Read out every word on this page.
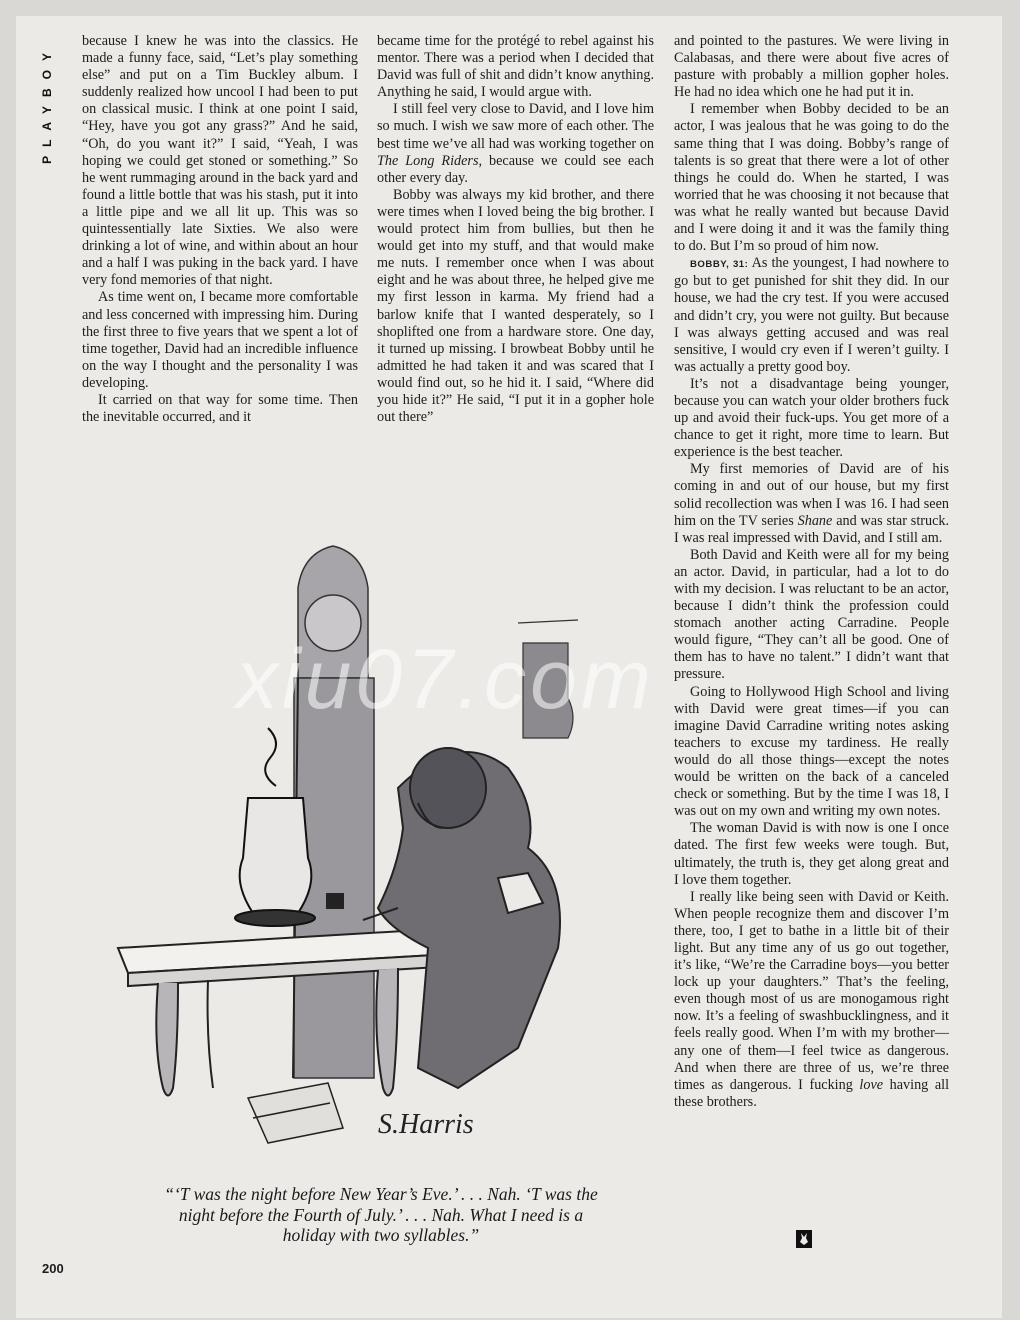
PLAYBOY

because I knew he was into the classics. He made a funny face, said, “Let’s play something else” and put on a Tim Buckley album. I suddenly realized how uncool I had been to put on classical music. I think at one point I said, “Hey, have you got any grass?” And he said, “Oh, do you want it?” I said, “Yeah, I was hoping we could get stoned or something.” So he went rummaging around in the back yard and found a little bottle that was his stash, put it into a little pipe and we all lit up. This was so quintessentially late Sixties. We also were drinking a lot of wine, and within about an hour and a half I was puking in the back yard. I have very fond memories of that night.

As time went on, I became more comfortable and less concerned with impressing him. During the first three to five years that we spent a lot of time together, David had an incredible influence on the way I thought and the personality I was developing.

It carried on that way for some time. Then the inevitable occurred, and it

became time for the protégé to rebel against his mentor. There was a period when I decided that David was full of shit and didn’t know anything. Anything he said, I would argue with.

I still feel very close to David, and I love him so much. I wish we saw more of each other. The best time we’ve all had was working together on The Long Riders, because we could see each other every day.

Bobby was always my kid brother, and there were times when I loved being the big brother. I would protect him from bullies, but then he would get into my stuff, and that would make me nuts. I remember once when I was about eight and he was about three, he helped give me my first lesson in karma. My friend had a barlow knife that I wanted desperately, so I shoplifted one from a hardware store. One day, it turned up missing. I browbeat Bobby until he admitted he had taken it and was scared that I would find out, so he hid it. I said, “Where did you hide it?” He said, “I put it in a gopher hole out there”

and pointed to the pastures. We were living in Calabasas, and there were about five acres of pasture with probably a million gopher holes. He had no idea which one he had put it in.

I remember when Bobby decided to be an actor, I was jealous that he was going to do the same thing that I was doing. Bobby’s range of talents is so great that there were a lot of other things he could do. When he started, I was worried that he was choosing it not because that was what he really wanted but because David and I were doing it and it was the family thing to do. But I’m so proud of him now.

BOBBY, 31: As the youngest, I had nowhere to go but to get punished for shit they did. In our house, we had the cry test. If you were accused and didn’t cry, you were not guilty. But because I was always getting accused and was real sensitive, I would cry even if I weren’t guilty. I was actually a pretty good boy.

It’s not a disadvantage being younger, because you can watch your older brothers fuck up and avoid their fuck-ups. You get more of a chance to get it right, more time to learn. But experience is the best teacher.

My first memories of David are of his coming in and out of our house, but my first solid recollection was when I was 16. I had seen him on the TV series Shane and was star struck. I was real impressed with David, and I still am.

Both David and Keith were all for my being an actor. David, in particular, had a lot to do with my decision. I was reluctant to be an actor, because I didn’t think the profession could stomach another acting Carradine. People would figure, “They can’t all be good. One of them has to have no talent.” I didn’t want that pressure.

Going to Hollywood High School and living with David were great times—if you can imagine David Carradine writing notes asking teachers to excuse my tardiness. He really would do all those things—except the notes would be written on the back of a canceled check or something. But by the time I was 18, I was out on my own and writing my own notes.

The woman David is with now is one I once dated. The first few weeks were tough. But, ultimately, the truth is, they get along great and I love them together.

I really like being seen with David or Keith. When people recognize them and discover I’m there, too, I get to bathe in a little bit of their light. But any time any of us go out together, it’s like, “We’re the Carradine boys—you better lock up your daughters.” That’s the feeling, even though most of us are monogamous right now. It’s a feeling of swashbucklingness, and it feels really good. When I’m with my brother—any one of them—I feel twice as dangerous. And when there are three of us, we’re three times as dangerous. I fucking love having all these brothers.

S.Harris
xiu07.com
“‘T was the night before New Year’s Eve.’ . . . Nah. ‘T was the night before the Fourth of July.’ . . . Nah. What I need is a holiday with two syllables.”
200
